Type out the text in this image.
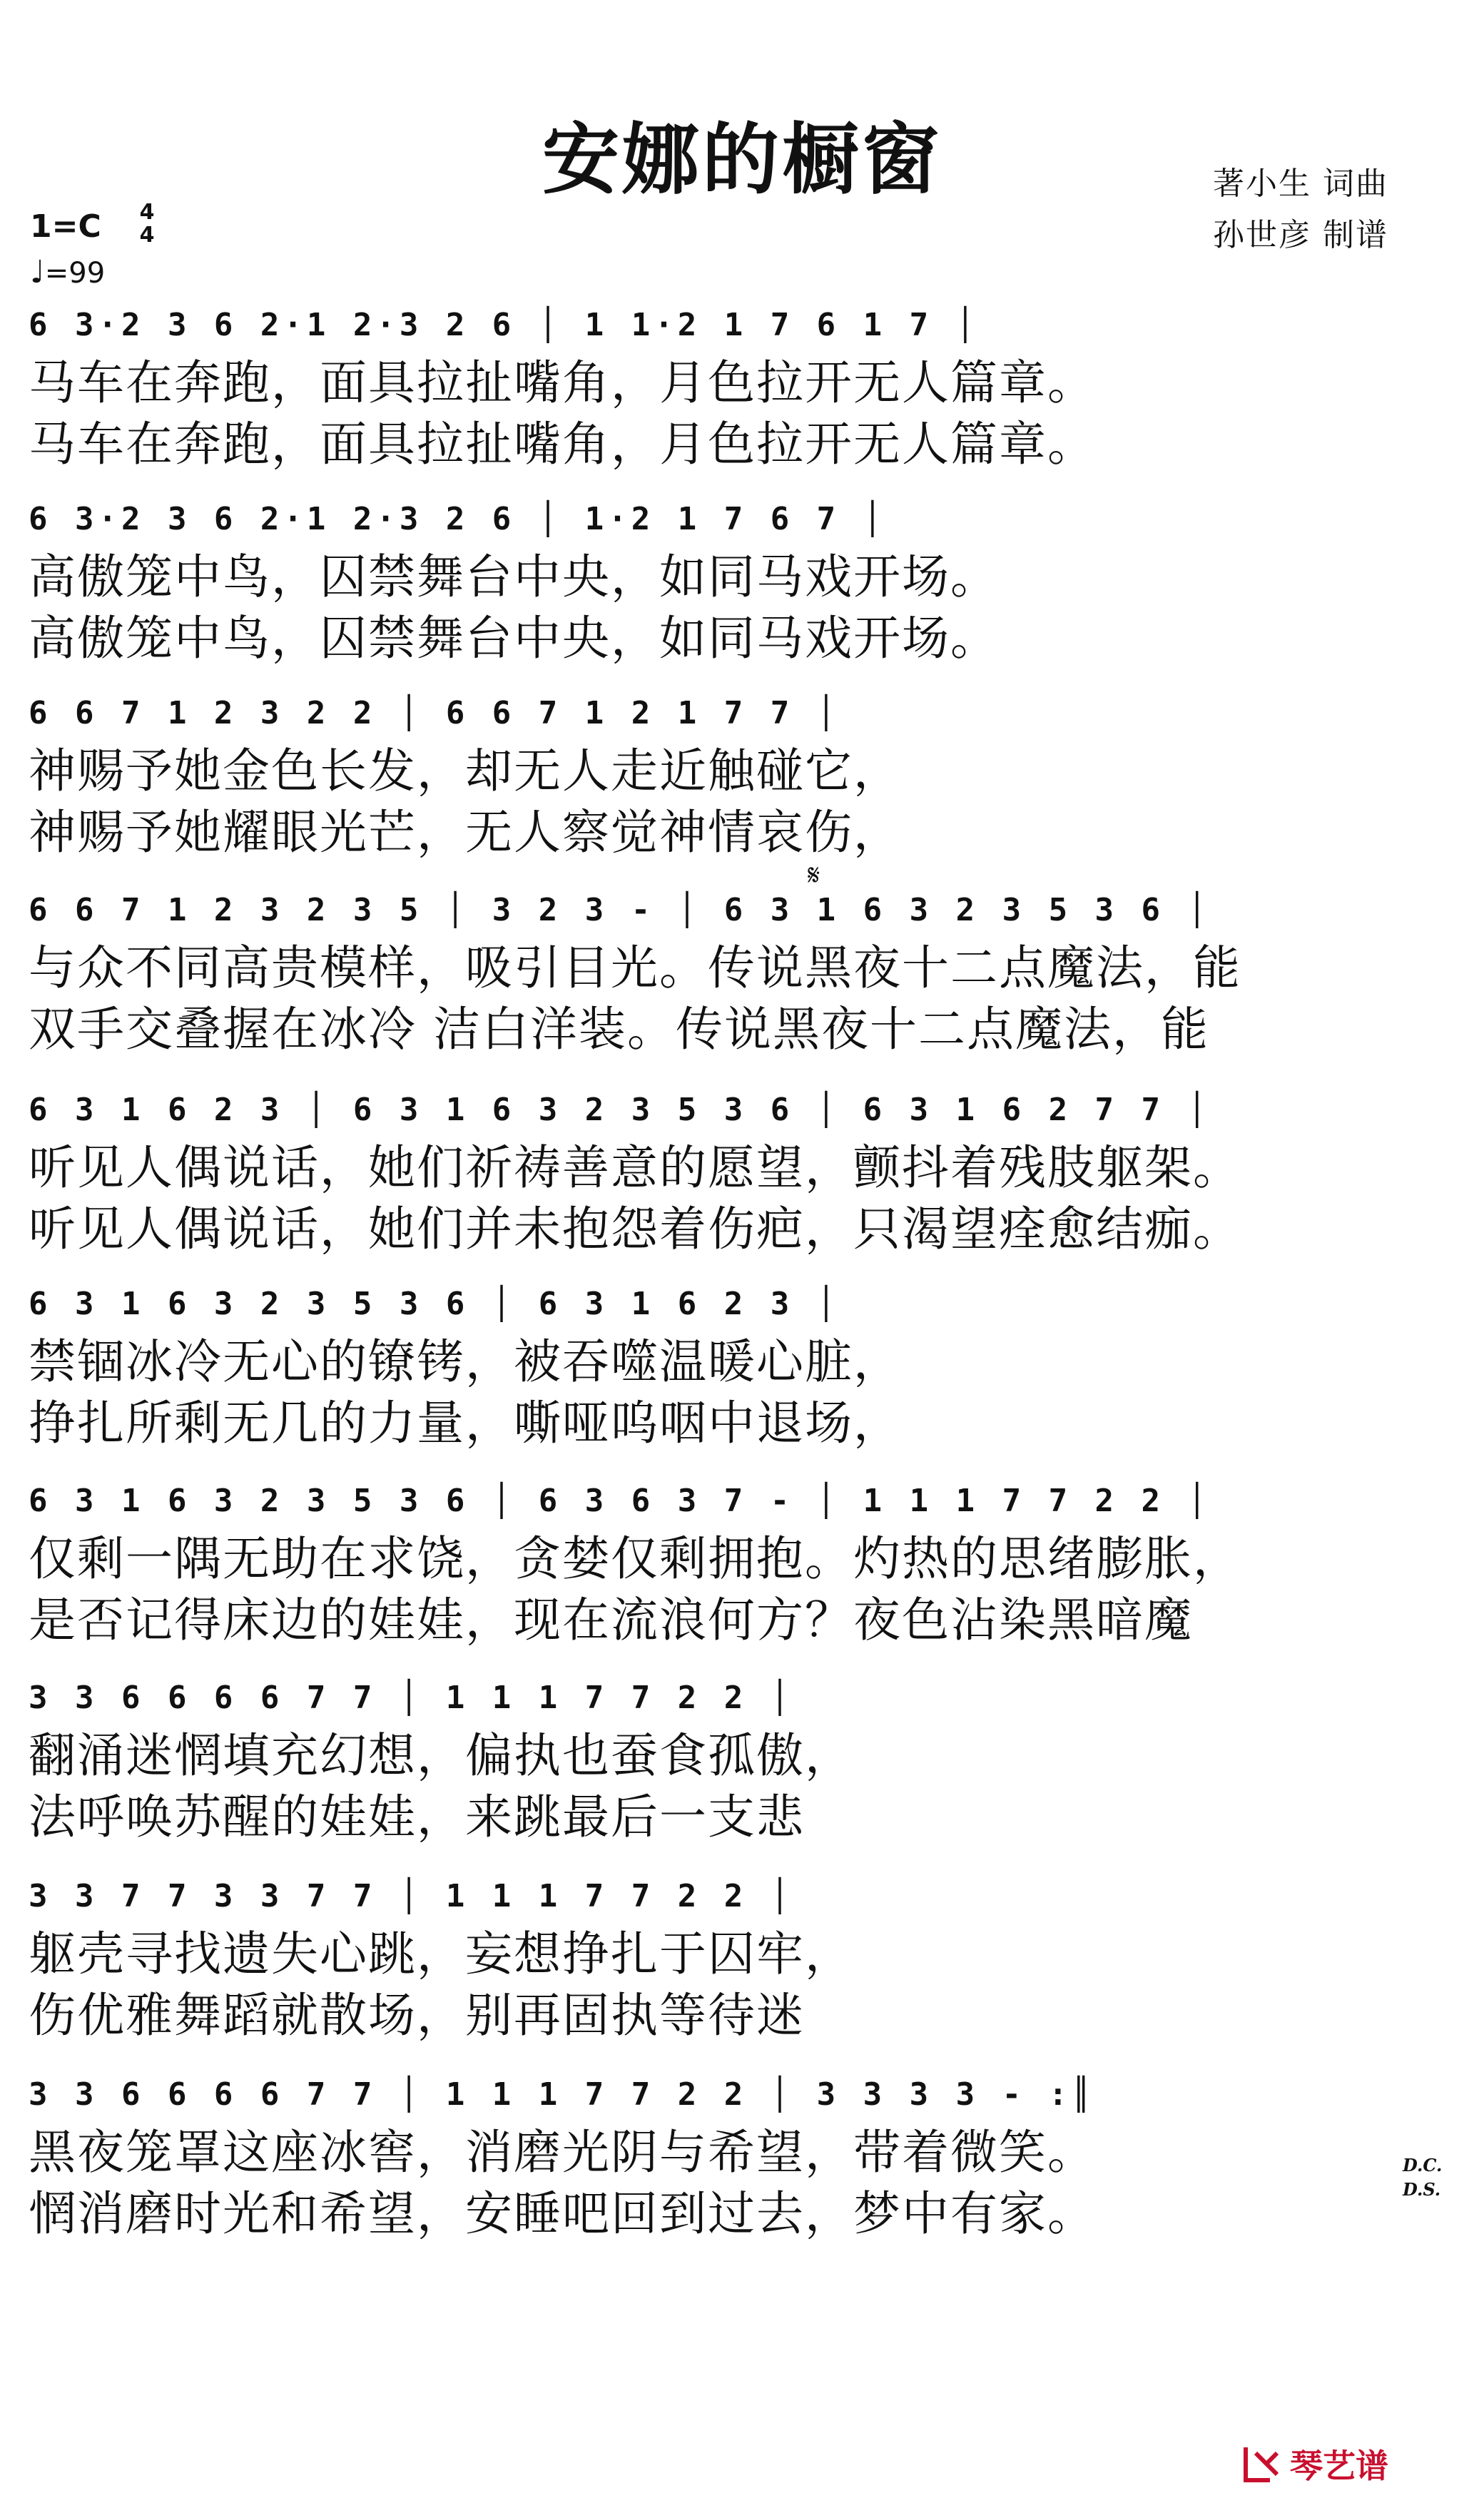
安娜的橱窗	著小生 词曲
孙世彦 制谱
1=C	4
4
♩=99
6 3·2 3 6 2·1 2·3 2 6 │ 1 1·2 1 7 6 1 7 │
马车在奔跑，面具拉扯嘴角，月色拉开无人篇章。
马车在奔跑，面具拉扯嘴角，月色拉开无人篇章。
6 3·2 3 6 2·1 2·3 2 6 │ 1·2 1 7 6 7 │
高傲笼中鸟，囚禁舞台中央，如同马戏开场。
高傲笼中鸟，囚禁舞台中央，如同马戏开场。
6 6 7 1 2 3 2 2 │ 6 6 7 1 2 1 7 7 │
神赐予她金色长发，却无人走近触碰它，
神赐予她耀眼光芒，无人察觉神情哀伤，
6 6 7 1 2 3 2 3 5 │ 3 2 3 - │ 6 3 1 6 3 2 3 5 3 6 │
与众不同高贵模样，吸引目光。传说黑夜十二点魔法，能
双手交叠握在冰冷 洁白洋装。传说黑夜十二点魔法，能
6 3 1 6 2 3 │ 6 3 1 6 3 2 3 5 3 6 │ 6 3 1 6 2 7 7 │
听见人偶说话，她们祈祷善意的愿望，颤抖着残肢躯架。
听见人偶说话，她们并未抱怨着伤疤，只渴望痊愈结痂。
6 3 1 6 3 2 3 5 3 6 │ 6 3 1 6 2 3 │
禁锢冰冷无心的镣铐，被吞噬温暖心脏，
挣扎所剩无几的力量，嘶哑呜咽中退场，
6 3 1 6 3 2 3 5 3 6 │ 6 3 6 3 7 - │ 1 1 1 7 7 2 2 │
仅剩一隅无助在求饶，贪婪仅剩拥抱。灼热的思绪膨胀，
是否记得床边的娃娃，现在流浪何方？夜色沾染黑暗魔
3 3 6 6 6 6 7 7 │ 1 1 1 7 7 2 2 │
翻涌迷惘填充幻想，偏执也蚕食孤傲，
法呼唤苏醒的娃娃，来跳最后一支悲
3 3 7 7 3 3 7 7 │ 1 1 1 7 7 2 2 │
躯壳寻找遗失心跳，妄想挣扎于囚牢，
伤优雅舞蹈就散场，别再固执等待迷
3 3 6 6 6 6 7 7 │ 1 1 1 7 7 2 2 │ 3 3 3 3 - :║
黑夜笼罩这座冰窖，消磨光阴与希望，带着微笑。
惘消磨时光和希望，安睡吧回到过去，梦中有家。
𝄋
D.C.
D.S.
琴艺谱
